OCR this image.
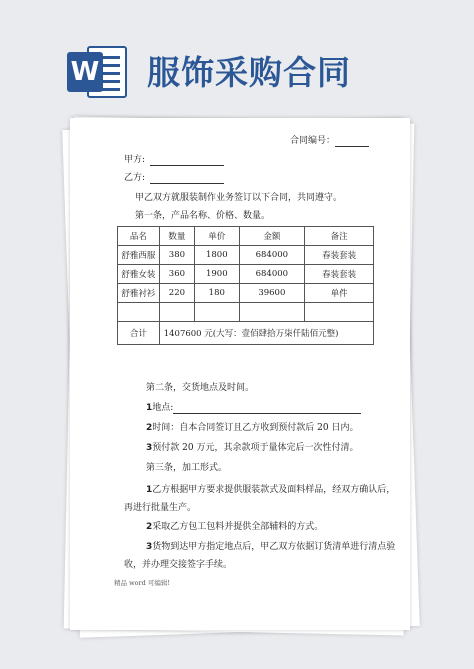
W 服饰采购合同
合同编号：
甲方:
乙方:
甲乙双方就服装制作业务签订以下合同，共同遵守。
第一条，产品名称、价格、数量。
品名	数量	单价	金额	备注
舒雅西服	380	1800	684000	春装套装
舒雅女装	360	1900	684000	春装套装
舒雅衬衫	220	180	39600	单件

合计	1407600 元(大写：壹佰肆拾万柒仟陆佰元整)			
第二条，交货地点及时间。
1地点:
2时间：自本合同签订且乙方收到预付款后 20 日内。
3预付款 20 万元，其余款项于量体完后一次性付清。
第三条，加工形式。
1乙方根据甲方要求提供服装款式及面料样品，经双方确认后，
再进行批量生产。
2采取乙方包工包料并提供全部辅料的方式。
3货物到达甲方指定地点后，甲乙双方依据订货清单进行清点验
收，并办理交接签字手续。
精品 word 可编辑!
